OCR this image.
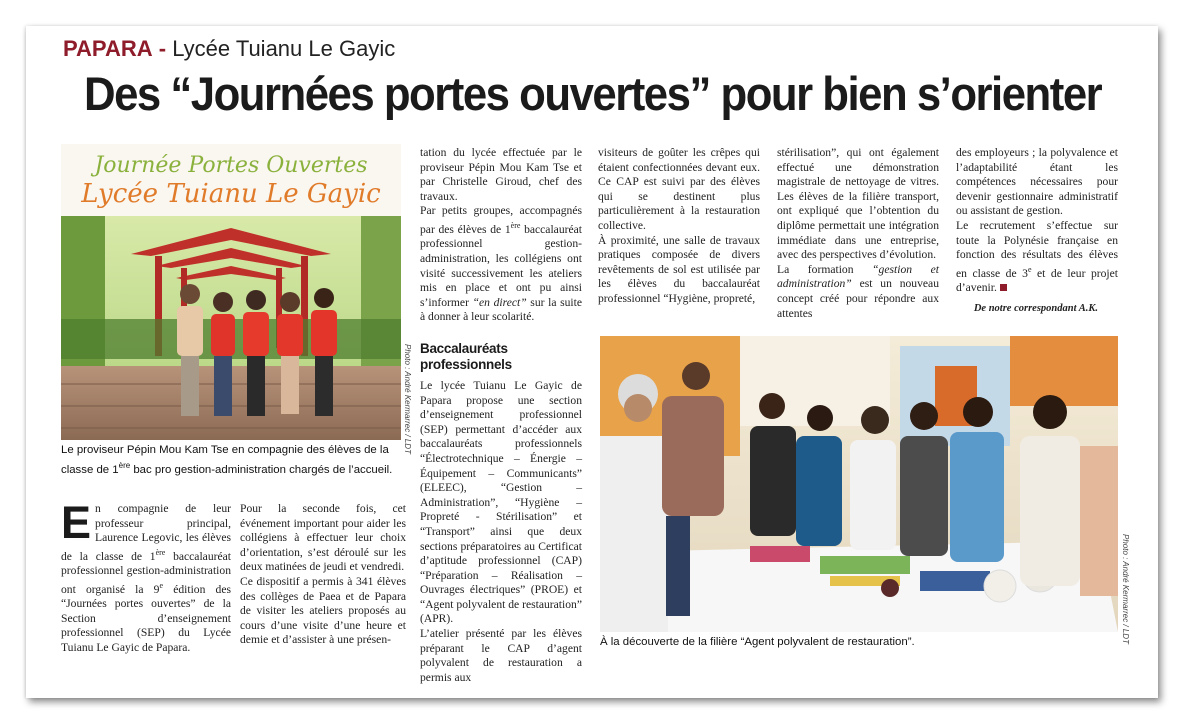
PAPARA - Lycée Tuianu Le Gayic
Des “Journées portes ouvertes” pour bien s’orienter
Journée Portes Ouvertes
Lycée Tuianu Le Gayic
Photo : André Kermarrec / LDT
Le proviseur Pépin Mou Kam Tse en compagnie des élèves de la classe de 1ère bac pro gestion-administration chargés de l’accueil.

En compagnie de leur professeur principal, Laurence Legovic, les élèves de la classe de 1ère baccalauréat professionnel gestion-administration ont organisé la 9e édition des “Journées portes ouvertes” de la Section d’enseignement professionnel (SEP) du Lycée Tuianu Le Gayic de Papara.

Pour la seconde fois, cet événement important pour aider les collégiens à effectuer leur choix d’orientation, s’est déroulé sur les deux matinées de jeudi et vendredi.

Ce dispositif a permis à 341 élèves des collèges de Paea et de Papara de visiter les ateliers proposés au cours d’une visite d’une heure et demie et d’assister à une présen-

tation du lycée effectuée par le proviseur Pépin Mou Kam Tse et par Christelle Giroud, chef des travaux.

Par petits groupes, accompagnés par des élèves de 1ère baccalauréat professionnel gestion-administration, les collégiens ont visité successivement les ateliers mis en place et ont pu ainsi s’informer “en direct” sur la suite à donner à leur scolarité.

Baccalauréats professionnels

Le lycée Tuianu Le Gayic de Papara propose une section d’enseignement professionnel (SEP) permettant d’accéder aux baccalauréats professionnels “Électrotechnique – Énergie – Équipement – Communicants” (ELEEC), “Gestion – Administration”, “Hygiène – Propreté - Stérilisation” et “Transport” ainsi que deux sections préparatoires au Certificat d’aptitude professionnel (CAP) “Préparation – Réalisation – Ouvrages électriques” (PROE) et “Agent polyvalent de restauration” (APR).

L’atelier présenté par les élèves préparant le CAP d’agent polyvalent de restauration a permis aux

visiteurs de goûter les crêpes qui étaient confectionnées devant eux. Ce CAP est suivi par des élèves qui se destinent plus particulièrement à la restauration collective.

À proximité, une salle de travaux pratiques composée de divers revêtements de sol est utilisée par les élèves du baccalauréat professionnel “Hygiène, propreté,

stérilisation”, qui ont également effectué une démonstration magistrale de nettoyage de vitres. Les élèves de la filière transport, ont expliqué que l’obtention du diplôme permettait une intégration immédiate dans une entreprise, avec des perspectives d’évolution.

La formation “gestion et administration” est un nouveau concept créé pour répondre aux attentes

des employeurs ; la polyvalence et l’adaptabilité étant les compétences nécessaires pour devenir gestionnaire administratif ou assistant de gestion.

Le recrutement s’effectue sur toute la Polynésie française en fonction des résultats des élèves en classe de 3e et de leur projet d’avenir.

De notre correspondant A.K.

Photo : André Kermarrec / LDT
À la découverte de la filière “Agent polyvalent de restauration”.
